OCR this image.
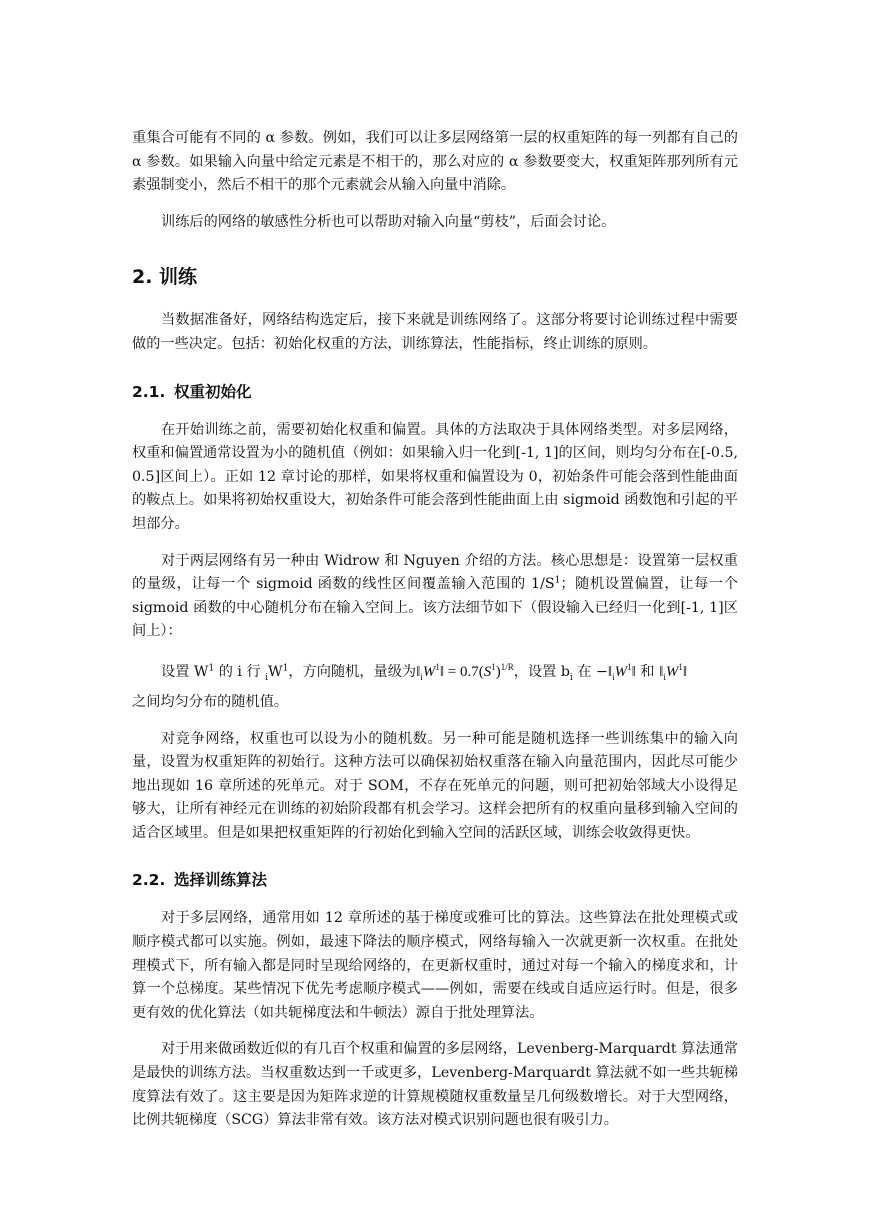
重集合可能有不同的 α 参数。例如，我们可以让多层网络第一层的权重矩阵的每一列都有自己的 α 参数。如果输入向量中给定元素是不相干的，那么对应的 α 参数要变大，权重矩阵那列所有元素强制变小，然后不相干的那个元素就会从输入向量中消除。

训练后的网络的敏感性分析也可以帮助对输入向量“剪枝”，后面会讨论。

2. 训练

当数据准备好，网络结构选定后，接下来就是训练网络了。这部分将要讨论训练过程中需要做的一些决定。包括：初始化权重的方法，训练算法，性能指标，终止训练的原则。

2.1. 权重初始化

在开始训练之前，需要初始化权重和偏置。具体的方法取决于具体网络类型。对多层网络，权重和偏置通常设置为小的随机值（例如：如果输入归一化到[-1, 1]的区间，则均匀分布在[-0.5, 0.5]区间上）。正如 12 章讨论的那样，如果将权重和偏置设为 0，初始条件可能会落到性能曲面的鞍点上。如果将初始权重设大，初始条件可能会落到性能曲面上由 sigmoid 函数饱和引起的平坦部分。

对于两层网络有另一种由 Widrow 和 Nguyen 介绍的方法。核心思想是：设置第一层权重的量级，让每一个 sigmoid 函数的线性区间覆盖输入范围的 $1/S^1$；随机设置偏置，让每一个 sigmoid 函数的中心随机分布在输入空间上。该方法细节如下（假设输入已经归一化到[-1, 1]区间上）：

设置 $W^1$ 的 i 行 $_iW^1$，方向随机，量级为$‖_iW^1‖ = 0.7(S^1)^{1/R}$，设置 $b_i$ 在 $-‖_iW^1‖$ 和 $‖_iW^1‖$

之间均匀分布的随机值。

对竞争网络，权重也可以设为小的随机数。另一种可能是随机选择一些训练集中的输入向量，设置为权重矩阵的初始行。这种方法可以确保初始权重落在输入向量范围内，因此尽可能少地出现如 16 章所述的死单元。对于 SOM，不存在死单元的问题，则可把初始邻域大小设得足够大，让所有神经元在训练的初始阶段都有机会学习。这样会把所有的权重向量移到输入空间的适合区域里。但是如果把权重矩阵的行初始化到输入空间的活跃区域，训练会收敛得更快。

2.2. 选择训练算法

对于多层网络，通常用如 12 章所述的基于梯度或雅可比的算法。这些算法在批处理模式或顺序模式都可以实施。例如，最速下降法的顺序模式，网络每输入一次就更新一次权重。在批处理模式下，所有输入都是同时呈现给网络的，在更新权重时，通过对每一个输入的梯度求和，计算一个总梯度。某些情况下优先考虑顺序模式——例如，需要在线或自适应运行时。但是，很多更有效的优化算法（如共轭梯度法和牛顿法）源自于批处理算法。

对于用来做函数近似的有几百个权重和偏置的多层网络，Levenberg-Marquardt 算法通常是最快的训练方法。当权重数达到一千或更多，Levenberg-Marquardt 算法就不如一些共轭梯度算法有效了。这主要是因为矩阵求逆的计算规模随权重数量呈几何级数增长。对于大型网络，比例共轭梯度（SCG）算法非常有效。该方法对模式识别问题也很有吸引力。
